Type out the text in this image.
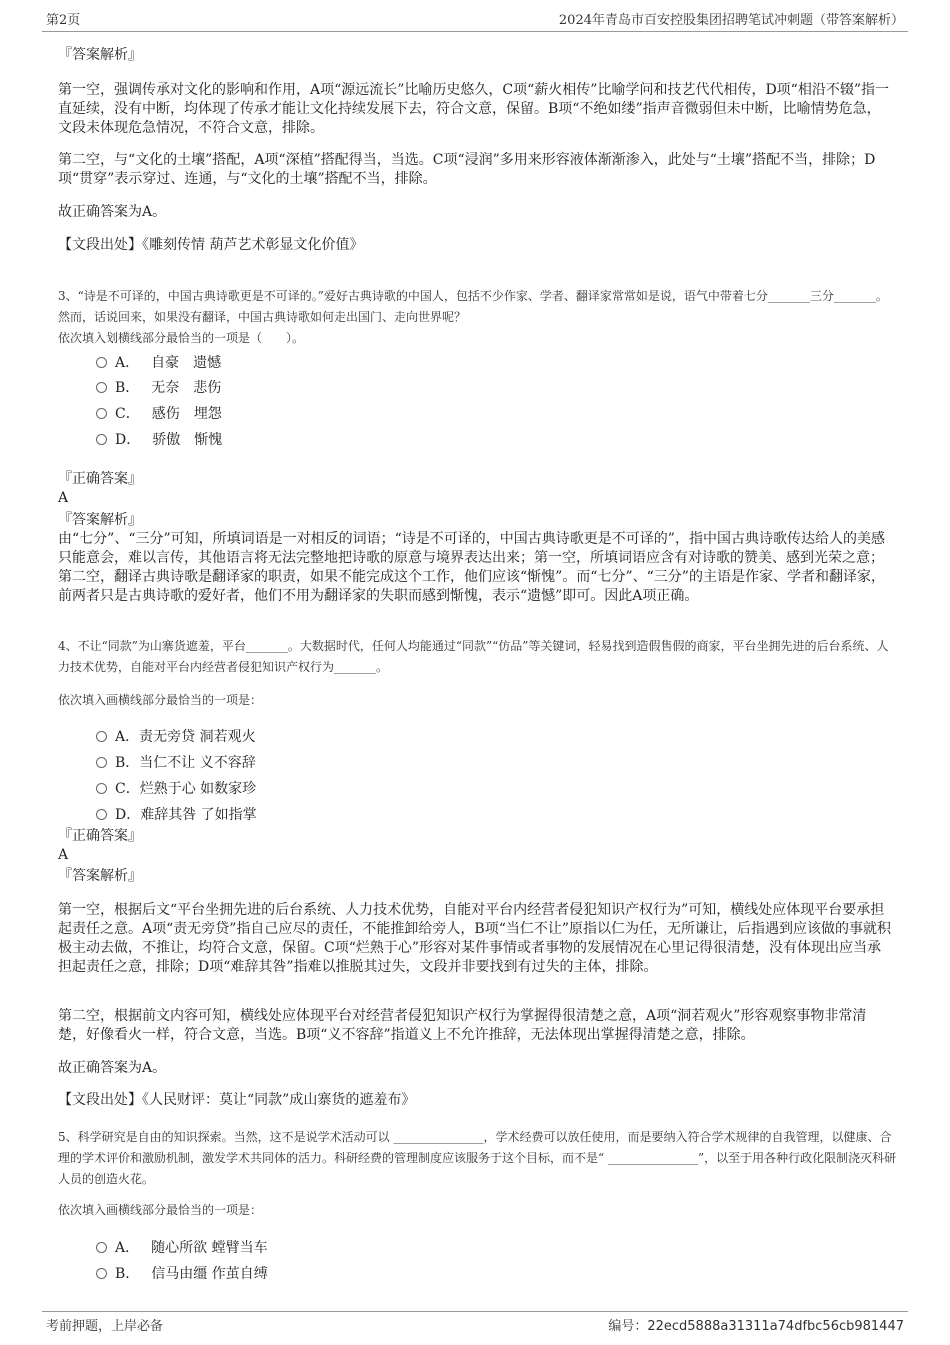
第2页	2024年青岛市百安控股集团招聘笔试冲刺题（带答案解析）
『答案解析』
第一空，强调传承对文化的影响和作用，A项“源远流长”比喻历史悠久，C项“薪火相传”比喻学问和技艺代代相传，D项“相沿不辍”指一直延续，没有中断，均体现了传承才能让文化持续发展下去，符合文意，保留。B项“不绝如缕”指声音微弱但未中断，比喻情势危急，文段未体现危急情况，不符合文意，排除。
第二空，与“文化的土壤”搭配，A项“深植”搭配得当，当选。C项“浸润”多用来形容液体渐渐渗入，此处与“土壤”搭配不当，排除；D项“贯穿”表示穿过、连通，与“文化的土壤”搭配不当，排除。
故正确答案为A。
【文段出处】《雕刻传情 葫芦艺术彰显文化价值》
3、“诗是不可译的，中国古典诗歌更是不可译的。”爱好古典诗歌的中国人，包括不少作家、学者、翻译家常常如是说，语气中带着七分_______三分_______。然而，话说回来，如果没有翻译，中国古典诗歌如何走出国门、走向世界呢？
依次填入划横线部分最恰当的一项是（　　）。
A． 自豪　遗憾
B． 无奈　悲伤
C． 感伤　埋怨
D． 骄傲　惭愧
『正确答案』
A
『答案解析』
由“七分”、“三分”可知，所填词语是一对相反的词语；“诗是不可译的，中国古典诗歌更是不可译的”，指中国古典诗歌传达给人的美感只能意会，难以言传，其他语言将无法完整地把诗歌的原意与境界表达出来；第一空，所填词语应含有对诗歌的赞美、感到光荣之意；第二空，翻译古典诗歌是翻译家的职责，如果不能完成这个工作，他们应该“惭愧”。而“七分”、“三分”的主语是作家、学者和翻译家，前两者只是古典诗歌的爱好者，他们不用为翻译家的失职而感到惭愧，表示“遗憾”即可。因此A项正确。
4、不让“同款”为山寨货遮羞，平台_______。大数据时代，任何人均能通过“同款”“仿品”等关键词，轻易找到造假售假的商家，平台坐拥先进的后台系统、人力技术优势，自能对平台内经营者侵犯知识产权行为_______。
依次填入画横线部分最恰当的一项是：
A．责无旁贷 洞若观火
B．当仁不让 义不容辞
C．烂熟于心 如数家珍
D．难辞其咎 了如指掌
『正确答案』
A
『答案解析』
第一空，根据后文“平台坐拥先进的后台系统、人力技术优势，自能对平台内经营者侵犯知识产权行为”可知，横线处应体现平台要承担起责任之意。A项“责无旁贷”指自己应尽的责任，不能推卸给旁人，B项“当仁不让”原指以仁为任，无所谦让，后指遇到应该做的事就积极主动去做，不推让，均符合文意，保留。C项“烂熟于心”形容对某件事情或者事物的发展情况在心里记得很清楚，没有体现出应当承担起责任之意，排除；D项“难辞其咎”指难以推脱其过失，文段并非要找到有过失的主体，排除。
第二空，根据前文内容可知，横线处应体现平台对经营者侵犯知识产权行为掌握得很清楚之意，A项“洞若观火”形容观察事物非常清楚，好像看火一样，符合文意，当选。B项“义不容辞”指道义上不允许推辞，无法体现出掌握得清楚之意，排除。
故正确答案为A。
【文段出处】《人民财评：莫让“同款”成山寨货的遮羞布》
5、科学研究是自由的知识探索。当然，这不是说学术活动可以 _______________，学术经费可以放任使用，而是要纳入符合学术规律的自我管理，以健康、合理的学术评价和激励机制，激发学术共同体的活力。科研经费的管理制度应该服务于这个目标，而不是“ _______________”，以至于用各种行政化限制浇灭科研人员的创造火花。
依次填入画横线部分最恰当的一项是：
A． 随心所欲 螳臂当车
B． 信马由缰 作茧自缚
考前押题，上岸必备	编号：22ecd5888a31311a74dfbc56cb981447
